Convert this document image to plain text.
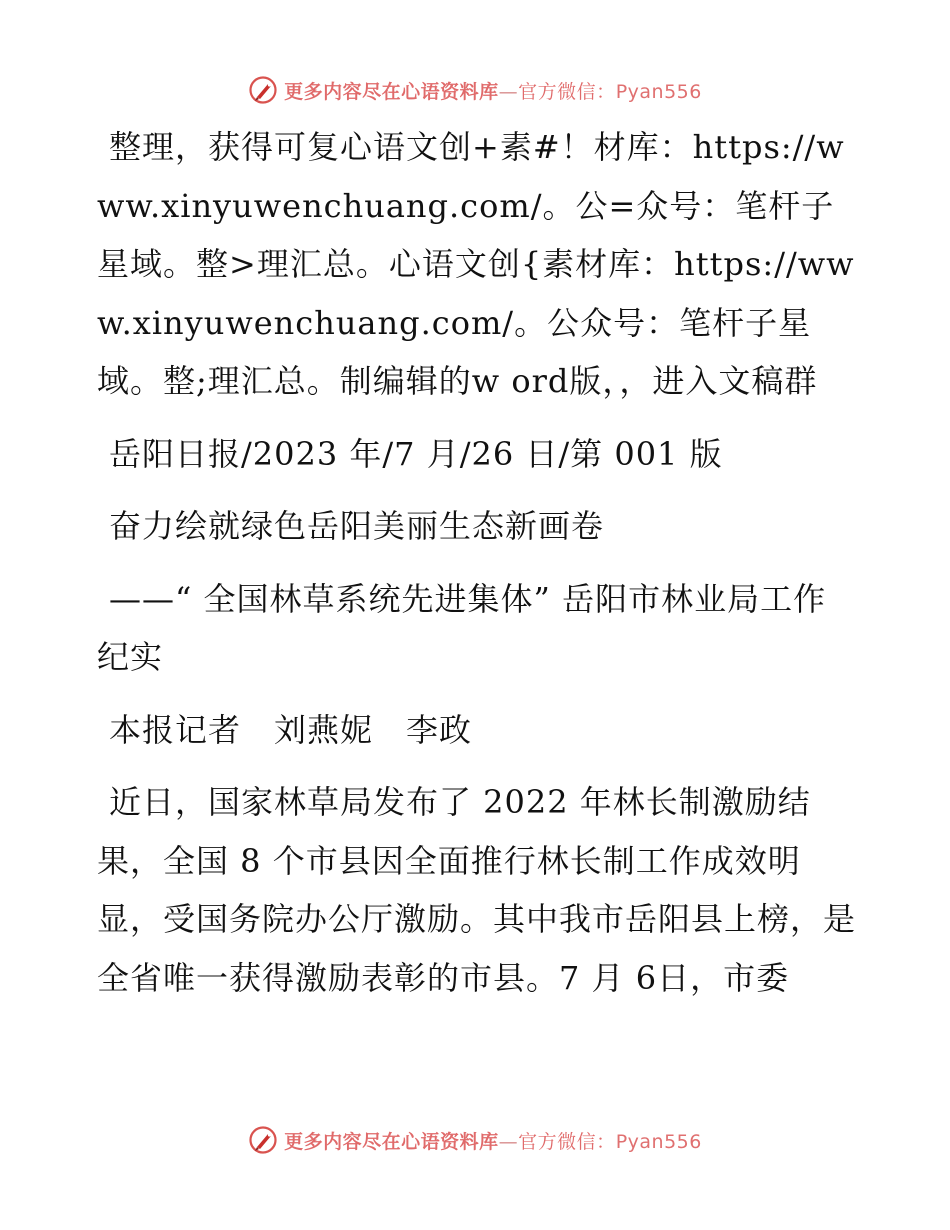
更多内容尽在心语资料库—官方微信：Pyan556

整理，获得可复心语文创+素#！材库：https://www.xinyuwenchuang.com/。公=众号：笔杆子星域。整>理汇总。心语文创{素材库：https://www.xinyuwenchuang.com/。公众号：笔杆子星域。整;理汇总。制编辑的w ord版，，进入文稿群

岳阳日报/2023 年/7 月/26 日/第 001 版

奋力绘就绿色岳阳美丽生态新画卷

——“ 全国林草系统先进集体” 岳阳市林业局工作纪实

本报记者　刘燕妮　李政

近日，国家林草局发布了 2022 年林长制激励结果，全国 8 个市县因全面推行林长制工作成效明显，受国务院办公厅激励。其中我市岳阳县上榜，是全省唯一获得激励表彰的市县。7 月 6日，市委

更多内容尽在心语资料库—官方微信：Pyan556
